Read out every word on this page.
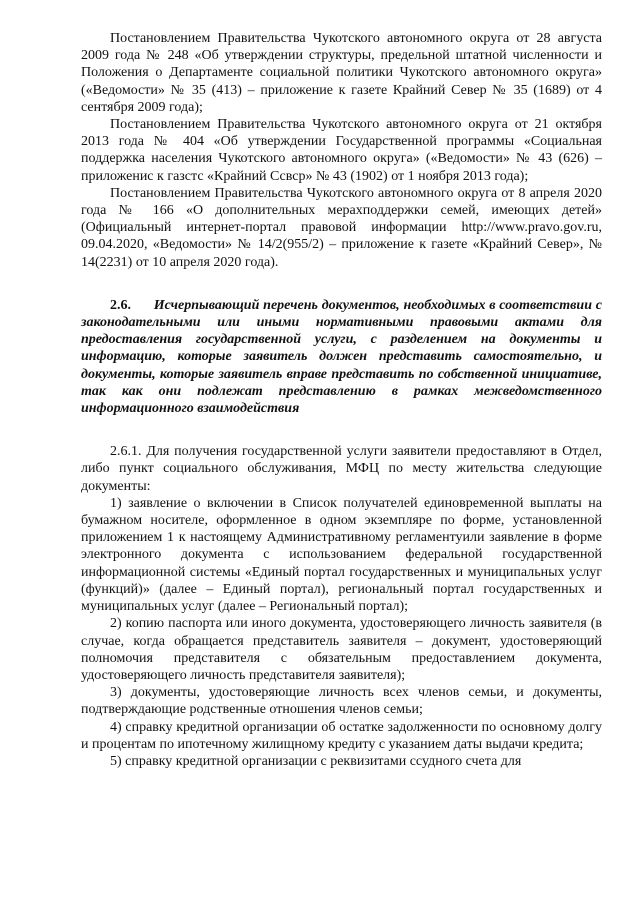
Постановлением Правительства Чукотского автономного округа от 28 августа 2009 года № 248 «Об утверждении структуры, предельной штатной численности и Положения о Департаменте социальной политики Чукотского автономного округа» («Ведомости» № 35 (413) – приложение к газете Крайний Север № 35 (1689) от 4 сентября 2009 года);

Постановлением Правительства Чукотского автономного округа от 21 октября 2013 года № 404 «Об утверждении Государственной программы «Социальная поддержка населения Чукотского автономного округа» («Ведомости» № 43 (626) – приложенис к газстс «Крайний Ссвср» № 43 (1902) от 1 ноября 2013 года);

Постановлением Правительства Чукотского автономного округа от 8 апреля 2020 года № 166 «О дополнительных мерахподдержки семей, имеющих детей» (Официальный интернет-портал правовой информации http://www.pravo.gov.ru, 09.04.2020, «Ведомости» № 14/2(955/2) – приложение к газете «Крайний Север», № 14(2231) от 10 апреля 2020 года).

2.6. Исчерпывающий перечень документов, необходимых в соответствии с законодательными или иными нормативными правовыми актами для предоставления государственной услуги, с разделением на документы и информацию, которые заявитель должен представить самостоятельно, и документы, которые заявитель вправе представить по собственной инициативе, так как они подлежат представлению в рамках межведомственного информационного взаимодействия

2.6.1. Для получения государственной услуги заявители предоставляют в Отдел, либо пункт социального обслуживания, МФЦ по месту жительства следующие документы:

1) заявление о включении в Список получателей единовременной выплаты на бумажном носителе, оформленное в одном экземпляре по форме, установленной приложением 1 к настоящему Административному регламентуили заявление в форме электронного документа с использованием федеральной государственной информационной системы «Единый портал государственных и муниципальных услуг (функций)» (далее – Единый портал), региональный портал государственных и муниципальных услуг (далее – Региональный портал);

2) копию паспорта или иного документа, удостоверяющего личность заявителя (в случае, когда обращается представитель заявителя – документ, удостоверяющий полномочия представителя с обязательным предоставлением документа, удостоверяющего личность представителя заявителя);

3) документы, удостоверяющие личность всех членов семьи, и документы, подтверждающие родственные отношения членов семьи;

4) справку кредитной организации об остатке задолженности по основному долгу и процентам по ипотечному жилищному кредиту с указанием даты выдачи кредита;

5) справку кредитной организации с реквизитами ссудного счета для
